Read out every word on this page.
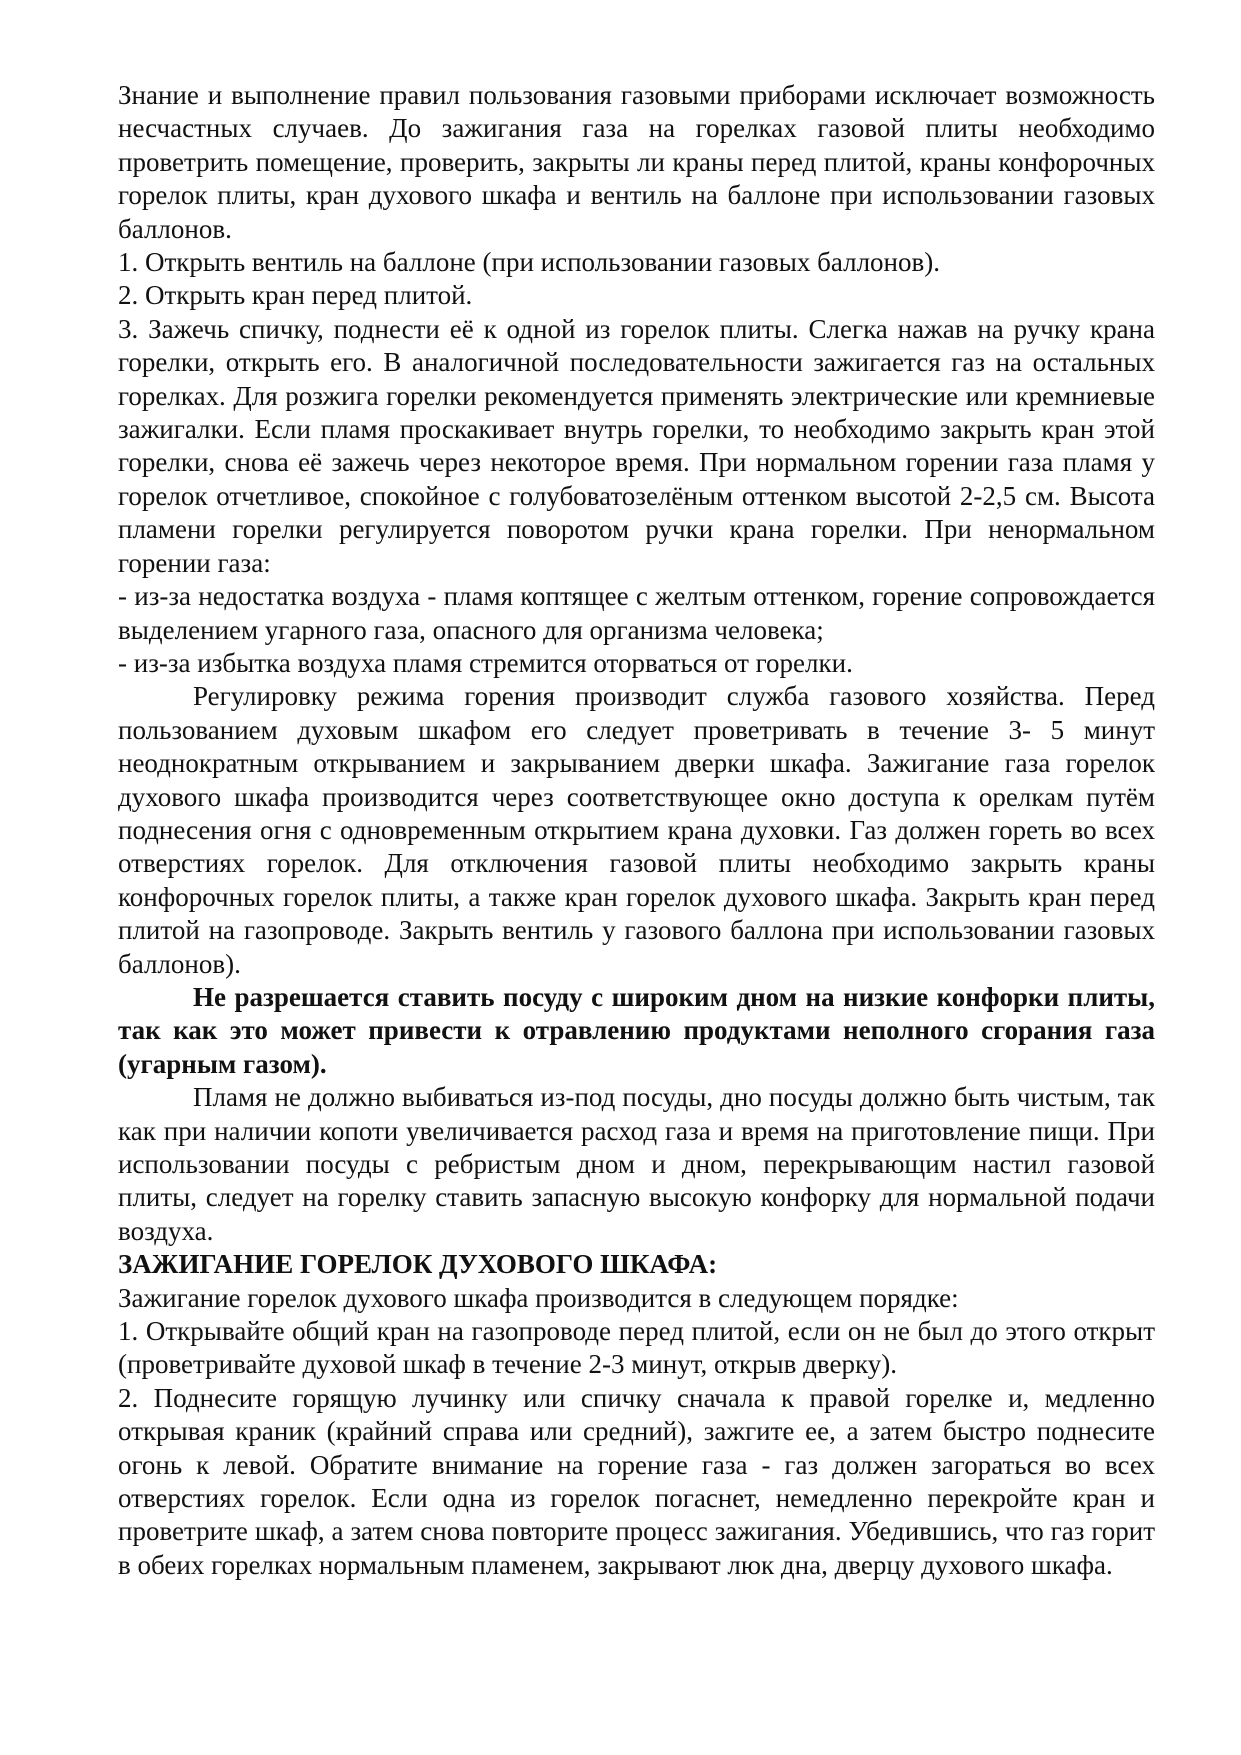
Знание и выполнение правил пользования газовыми приборами исключает возможность несчастных случаев. До зажигания газа на горелках газовой плиты необходимо проветрить помещение, проверить, закрыты ли краны перед плитой, краны конфорочных горелок плиты, кран духового шкафа и вентиль на баллоне при использовании газовых баллонов.

1. Открыть вентиль на баллоне (при использовании газовых баллонов).

2. Открыть кран перед плитой.

3. Зажечь спичку, поднести её к одной из горелок плиты. Слегка нажав на ручку крана горелки, открыть его. В аналогичной последовательности зажигается газ на остальных горелках. Для розжига горелки рекомендуется применять электрические или кремниевые зажигалки. Если пламя проскакивает внутрь горелки, то необходимо закрыть кран этой горелки, снова её зажечь через некоторое время. При нормальном горении газа пламя у горелок отчетливое, спокойное с голубоватозелёным оттенком высотой 2-2,5 см. Высота пламени горелки регулируется поворотом ручки крана горелки. При ненормальном горении газа:

- из-за недостатка воздуха - пламя коптящее с желтым оттенком, горение сопровождается выделением угарного газа, опасного для организма человека;

- из-за избытка воздуха пламя стремится оторваться от горелки.

Регулировку режима горения производит служба газового хозяйства. Перед пользованием духовым шкафом его следует проветривать в течение 3- 5 минут неоднократным открыванием и закрыванием дверки шкафа. Зажигание газа горелок духового шкафа производится через соответствующее окно доступа к орелкам путём поднесения огня с одновременным открытием крана духовки. Газ должен гореть во всех отверстиях горелок. Для отключения газовой плиты необходимо закрыть краны конфорочных горелок плиты, а также кран горелок духового шкафа. Закрыть кран перед плитой на газопроводе. Закрыть вентиль у газового баллона при использовании газовых баллонов).

Не разрешается ставить посуду с широким дном на низкие конфорки плиты, так как это может привести к отравлению продуктами неполного сгорания газа (угарным газом).

Пламя не должно выбиваться из-под посуды, дно посуды должно быть чистым, так как при наличии копоти увеличивается расход газа и время на приготовление пищи. При использовании посуды с ребристым дном и дном, перекрывающим настил газовой плиты, следует на горелку ставить запасную высокую конфорку для нормальной подачи воздуха.

ЗАЖИГАНИЕ ГОРЕЛОК ДУХОВОГО ШКАФА:

Зажигание горелок духового шкафа производится в следующем порядке:

1. Открывайте общий кран на газопроводе перед плитой, если он не был до этого открыт (проветривайте духовой шкаф в течение 2-3 минут, открыв дверку).

2. Поднесите горящую лучинку или спичку сначала к правой горелке и, медленно открывая краник (крайний справа или средний), зажгите ее, а затем быстро поднесите огонь к левой. Обратите внимание на горение газа - газ должен загораться во всех отверстиях горелок. Если одна из горелок погаснет, немедленно перекройте кран и проветрите шкаф, а затем снова повторите процесс зажигания. Убедившись, что газ горит в обеих горелках нормальным пламенем, закрывают люк дна, дверцу духового шкафа.
